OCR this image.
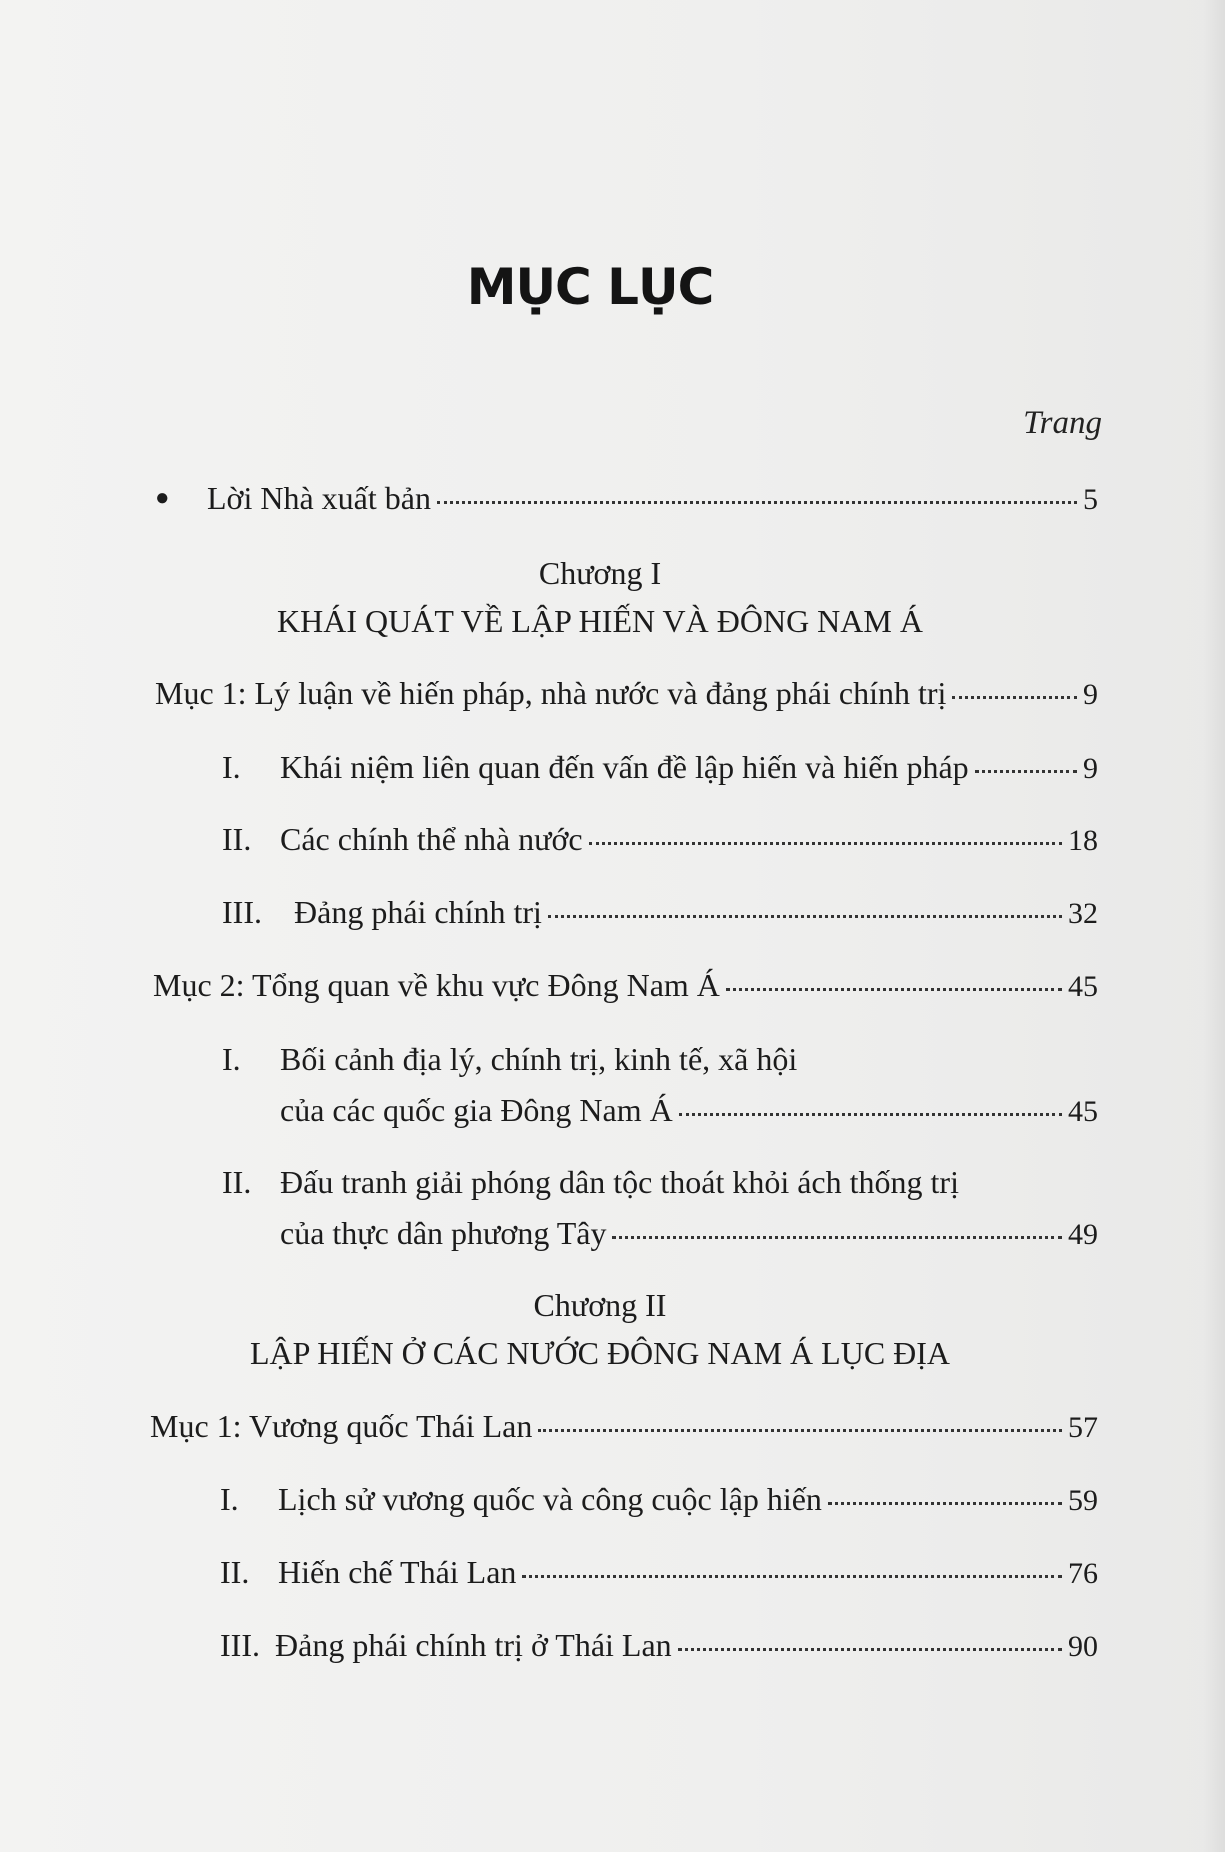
MỤC LỤC
Trang
●	Lời Nhà xuất bản	5
Chương I
KHÁI QUÁT VỀ LẬP HIẾN VÀ ĐÔNG NAM Á
Mục 1: Lý luận về hiến pháp, nhà nước và đảng phái chính trị	9
I.	Khái niệm liên quan đến vấn đề lập hiến và hiến pháp	9
II. Các chính thể nhà nước	18
III.	Đảng phái chính trị	32
Mục 2: Tổng quan về khu vực Đông Nam Á	45
I. Bối cảnh địa lý, chính trị, kinh tế, xã hội
của các quốc gia Đông Nam Á	45
II. Đấu tranh giải phóng dân tộc thoát khỏi ách thống trị
của thực dân phương Tây	49
Chương II
LẬP HIẾN Ở CÁC NƯỚC ĐÔNG NAM Á LỤC ĐỊA
Mục 1: Vương quốc Thái Lan	57
I.	Lịch sử vương quốc và công cuộc lập hiến	59
II. Hiến chế Thái Lan	76
III. Đảng phái chính trị ở Thái Lan	90
